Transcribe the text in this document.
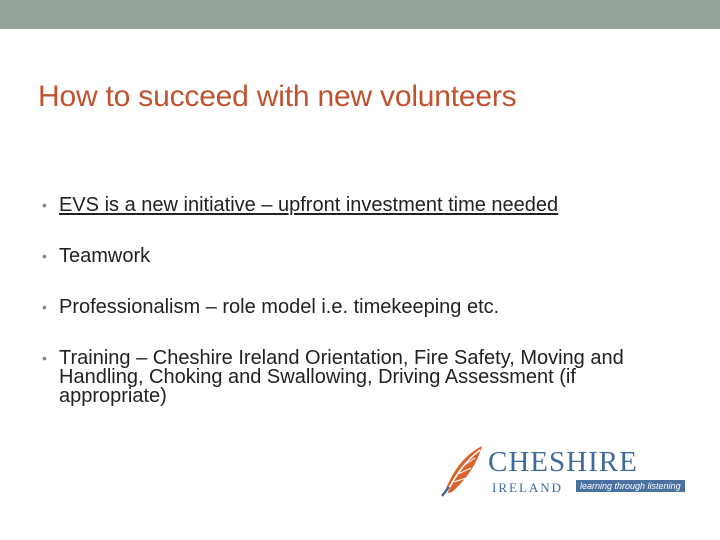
How to succeed with new volunteers
• EVS is a new initiative – upfront investment time needed
• Teamwork
• Professionalism – role model i.e. timekeeping etc.
• Training – Cheshire Ireland Orientation, Fire Safety, Moving and Handling, Choking and Swallowing, Driving Assessment (if appropriate)
CHESHIRE
IRELAND	learning through listening
